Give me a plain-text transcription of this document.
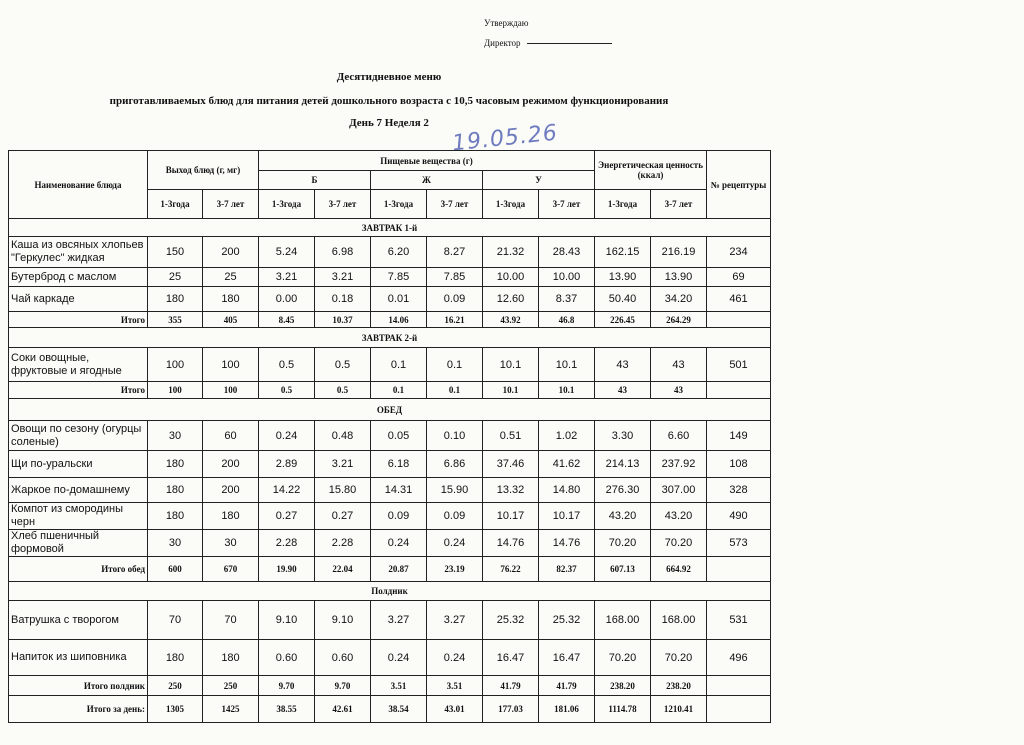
Утверждаю
Директор
Десятидневное меню
приготавливаемых блюд для питания детей дошкольного возраста с 10,5 часовым режимом функционирования
День 7 Неделя 2	19.05.26
Наименование блюда	Выход блюд (г, мг)		Пищевые вещества (г)						Энергетическая ценность (ккал)		№ рецептуры
			Б		Ж		У				
	1-3года	3-7 лет	1-3года	3-7 лет	1-3года	3-7 лет	1-3года	3-7 лет	1-3года	3-7 лет	
ЗАВТРАК 1-й											
Каша из овсяных хлопьев "Геркулес" жидкая	150	200	5.24	6.98	6.20	8.27	21.32	28.43	162.15	216.19	234
Бутерброд с маслом	25	25	3.21	3.21	7.85	7.85	10.00	10.00	13.90	13.90	69
Чай каркаде	180	180	0.00	0.18	0.01	0.09	12.60	8.37	50.40	34.20	461
Итого	355	405	8.45	10.37	14.06	16.21	43.92	46.8	226.45	264.29	
ЗАВТРАК 2-й											
Соки овощные, фруктовые и ягодные	100	100	0.5	0.5	0.1	0.1	10.1	10.1	43	43	501
Итого	100	100	0.5	0.5	0.1	0.1	10.1	10.1	43	43	
ОБЕД											
Овощи по сезону (огурцы соленые)	30	60	0.24	0.48	0.05	0.10	0.51	1.02	3.30	6.60	149
Щи по-уральски	180	200	2.89	3.21	6.18	6.86	37.46	41.62	214.13	237.92	108
Жаркое по-домашнему	180	200	14.22	15.80	14.31	15.90	13.32	14.80	276.30	307.00	328
Компот из смородины черн	180	180	0.27	0.27	0.09	0.09	10.17	10.17	43.20	43.20	490
Хлеб пшеничный формовой	30	30	2.28	2.28	0.24	0.24	14.76	14.76	70.20	70.20	573
Итого обед	600	670	19.90	22.04	20.87	23.19	76.22	82.37	607.13	664.92	
Полдник											
Ватрушка с творогом	70	70	9.10	9.10	3.27	3.27	25.32	25.32	168.00	168.00	531
Напиток из шиповника	180	180	0.60	0.60	0.24	0.24	16.47	16.47	70.20	70.20	496
Итого полдник	250	250	9.70	9.70	3.51	3.51	41.79	41.79	238.20	238.20	
Итого за день:	1305	1425	38.55	42.61	38.54	43.01	177.03	181.06	1114.78	1210.41	
